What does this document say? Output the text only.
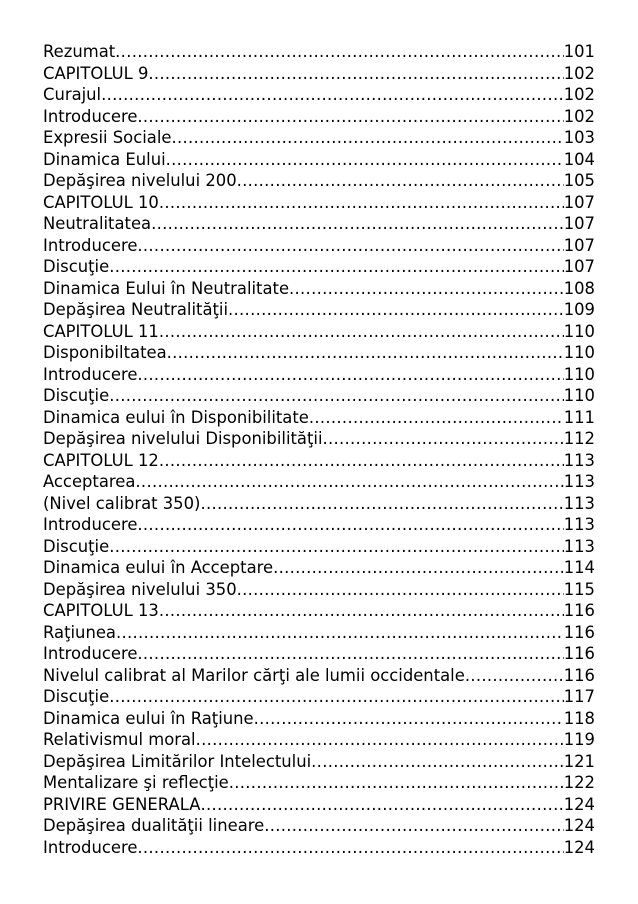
Rezumat .....	101
CAPITOLUL 9 .....	102
Curajul .....	102
Introducere .....	102
Expresii Sociale .....	103
Dinamica Eului .....	104
Depăşirea nivelului 200 .....	105
CAPITOLUL 10 .....	107
Neutralitatea .....	107
Introducere .....	107
Discuţie .....	107
Dinamica Eului în Neutralitate .....	108
Depăşirea Neutralităţii .....	109
CAPITOLUL 11 .....	110
Disponibiltatea .....	110
Introducere .....	110
Discuţie .....	110
Dinamica eului în Disponibilitate .....	111
Depăşirea nivelului Disponibilităţii .....	112
CAPITOLUL 12 .....	113
Acceptarea .....	113
(Nivel calibrat 350) .....	113
Introducere .....	113
Discuţie .....	113
Dinamica eului în Acceptare .....	114
Depăşirea nivelului 350 .....	115
CAPITOLUL 13 .....	116
Raţiunea .....	116
Introducere .....	116
Nivelul calibrat al Marilor cărţi ale lumii occidentale .....	116
Discuţie .....	117
Dinamica eului în Raţiune .....	118
Relativismul moral .....	119
Depăşirea Limitărilor Intelectului .....	121
Mentalizare şi reflecţie .....	122
PRIVIRE GENERALA .....	124
Depăşirea dualităţii lineare .....	124
Introducere .....	124
